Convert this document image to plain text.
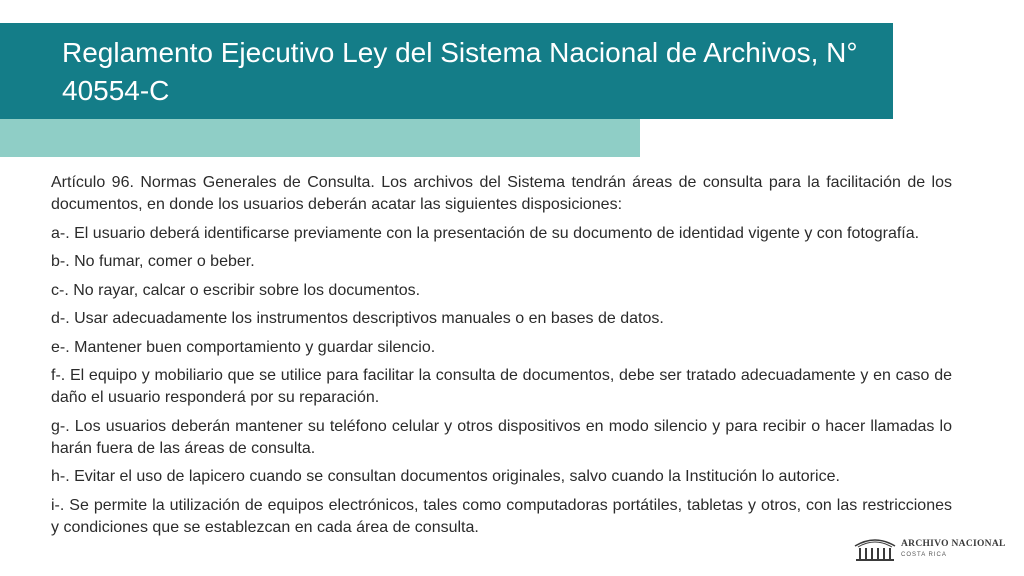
Reglamento Ejecutivo Ley del Sistema Nacional de Archivos, N° 40554-C

Artículo 96. Normas Generales de Consulta. Los archivos del Sistema tendrán áreas de consulta para la facilitación de los documentos, en donde los usuarios deberán acatar las siguientes disposiciones:

a-. El usuario deberá identificarse previamente con la presentación de su documento de identidad vigente y con fotografía.

b-. No fumar, comer o beber.

c-. No rayar, calcar o escribir sobre los documentos.

d-. Usar adecuadamente los instrumentos descriptivos manuales o en bases de datos.

e-. Mantener buen comportamiento y guardar silencio.

f-. El equipo y mobiliario que se utilice para facilitar la consulta de documentos, debe ser tratado adecuadamente y en caso de daño el usuario responderá por su reparación.

g-. Los usuarios deberán mantener su teléfono celular y otros dispositivos en modo silencio y para recibir o hacer llamadas lo harán fuera de las áreas de consulta.

h-. Evitar el uso de lapicero cuando se consultan documentos originales, salvo cuando la Institución lo autorice.

i-. Se permite la utilización de equipos electrónicos, tales como computadoras portátiles, tabletas y otros, con las restricciones y condiciones que se establezcan en cada área de consulta.

ARCHIVO NACIONAL
COSTA RICA
